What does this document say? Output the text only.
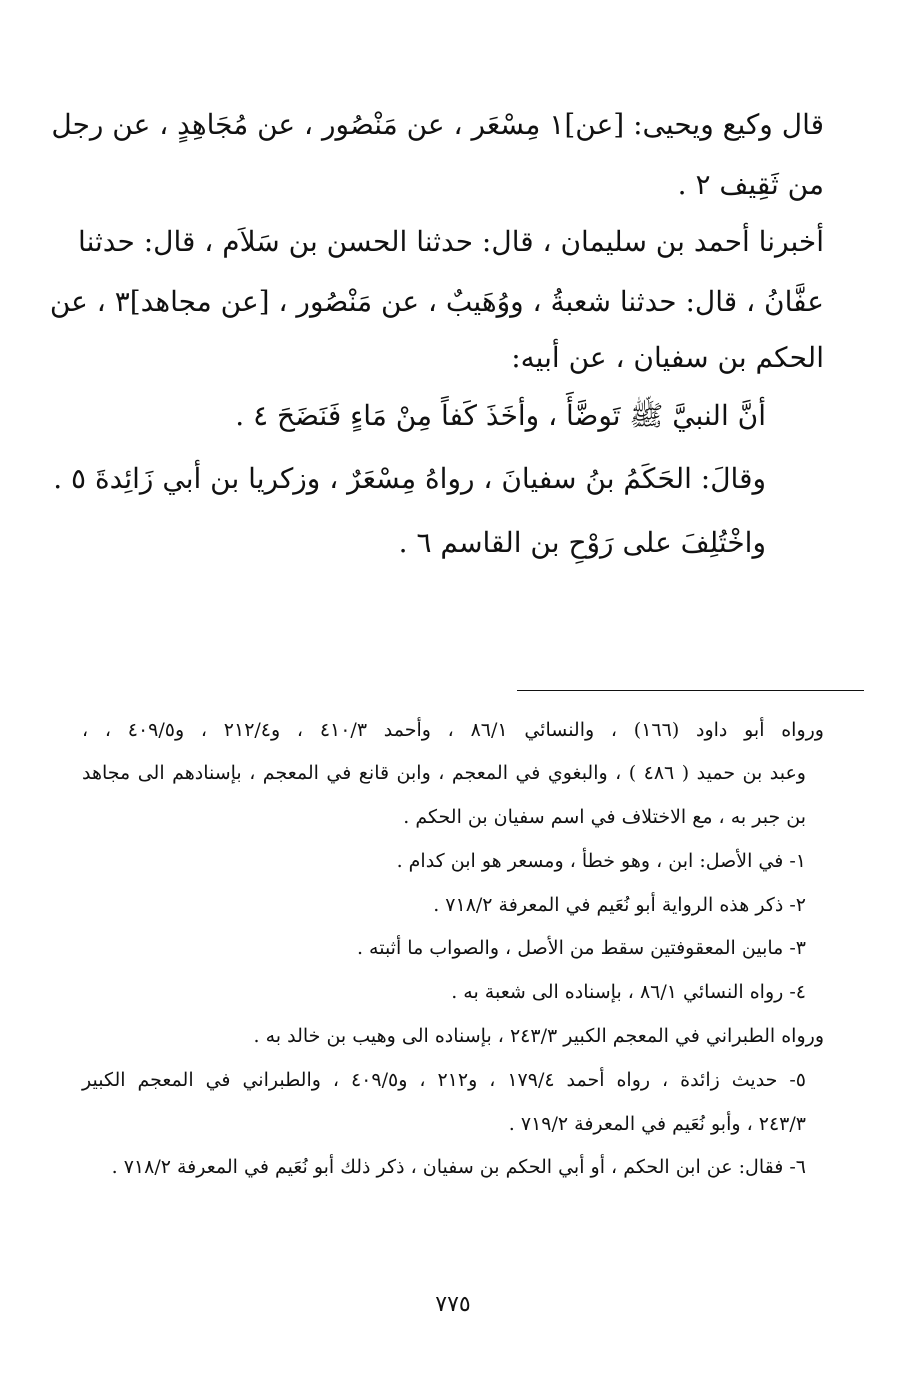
قال وكيع ويحيى: [عن]١ مِسْعَر ، عن مَنْصُور ، عن مُجَاهِدٍ ، عن رجل
من ثَقِيف ٢ .
أخبرنا أحمد بن سليمان ، قال: حدثنا الحسن بن سَلاَم ، قال: حدثنا
عفَّانُ ، قال: حدثنا شعبةُ ، ووُهَيبٌ ، عن مَنْصُور ، [عن مجاهد]٣ ، عن
الحكم بن سفيان ، عن أبيه:
أنَّ النبيَّ ﷺ تَوضَّأَ ، وأخَذَ كَفاً مِنْ مَاءٍ فَنَضَحَ ٤ .
وقالَ: الحَكَمُ بنُ سفيانَ ، رواهُ مِسْعَرٌ ، وزكريا بن أبي زَائِدةَ ٥ .
واخْتُلِفَ على رَوْحِ بن القاسم ٦ .
ورواه أبو داود (١٦٦) ، والنسائي ٨٦/١ ، وأحمد ٤١٠/٣ ، و٢١٢/٤ ، و٤٠٩/٥ ، ،
وعبد بن حميد ( ٤٨٦ ) ، والبغوي في المعجم ، وابن قانع في المعجم ، بإسنادهم الى مجاهد
بن جبر به ، مع الاختلاف في اسم سفيان بن الحكم .
١- في الأصل: ابن ، وهو خطأ ، ومسعر هو ابن كدام .
٢- ذكر هذه الرواية أبو نُعَيم في المعرفة ٧١٨/٢ .
٣- مابين المعقوفتين سقط من الأصل ، والصواب ما أثبته .
٤- رواه النسائي ٨٦/١ ، بإسناده الى شعبة به .
ورواه الطبراني في المعجم الكبير ٢٤٣/٣ ، بإسناده الى وهيب بن خالد به .
٥- حديث زائدة ، رواه أحمد ١٧٩/٤ ، و٢١٢ ، و٤٠٩/٥ ، والطبراني في المعجم الكبير
٢٤٣/٣ ، وأبو نُعَيم في المعرفة ٧١٩/٢ .
٦- فقال: عن ابن الحكم ، أو أبي الحكم بن سفيان ، ذكر ذلك أبو نُعَيم في المعرفة ٧١٨/٢ .
٧٧٥
